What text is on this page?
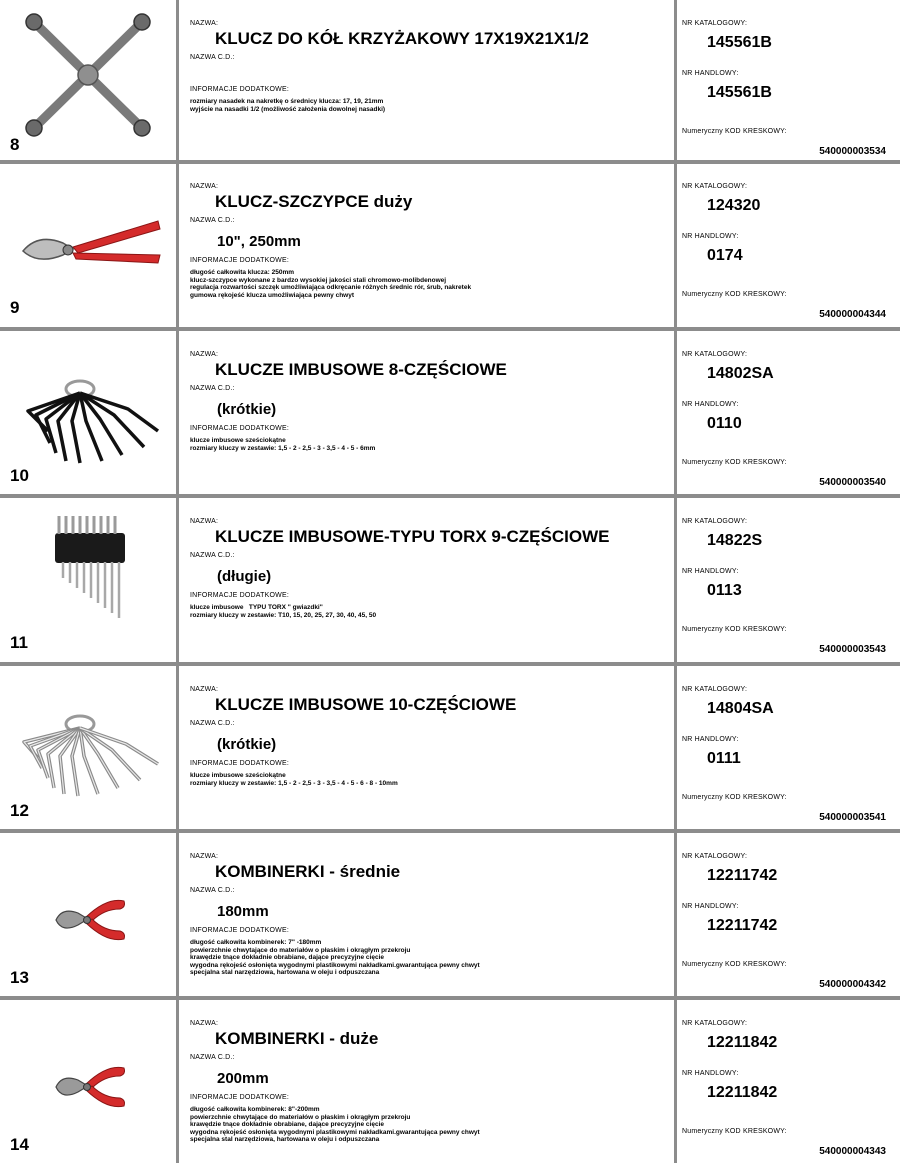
8
NAZWA:
KLUCZ DO KÓŁ KRZYŻAKOWY 17X19X21X1/2
NAZWA C.D.:
INFORMACJE DODATKOWE:
rozmiary nasadek na nakretkę o średnicy klucza: 17, 19, 21mm
wyjście na nasadki 1/2 (możliwość założenia dowolnej nasadki)
NR KATALOGOWY:
145561B
NR HANDLOWY:
145561B
Numeryczny KOD KRESKOWY:
540000003534
9
NAZWA:
KLUCZ-SZCZYPCE duży
NAZWA C.D.:
10", 250mm
INFORMACJE DODATKOWE:
długość całkowita klucza: 250mm
klucz-szczypce wykonane z bardzo wysokiej jakości stali chromowo-molibdenowej
regulacja rozwartości szczęk umożliwiająca odkręcanie różnych średnic rór, śrub, nakretek
gumowa rękojeść klucza umożliwiająca pewny chwyt
NR KATALOGOWY:
124320
NR HANDLOWY:
0174
Numeryczny KOD KRESKOWY:
540000004344
10
NAZWA:
KLUCZE IMBUSOWE 8-CZĘŚCIOWE
NAZWA C.D.:
(krótkie)
INFORMACJE DODATKOWE:
klucze imbusowe sześciokątne
rozmiary kluczy w zestawie: 1,5 - 2 - 2,5 - 3 - 3,5 - 4 - 5 - 6mm
NR KATALOGOWY:
14802SA
NR HANDLOWY:
0110
Numeryczny KOD KRESKOWY:
540000003540
11
NAZWA:
KLUCZE IMBUSOWE-TYPU TORX 9-CZĘŚCIOWE
NAZWA C.D.:
(długie)
INFORMACJE DODATKOWE:
klucze imbusowe   TYPU TORX " gwiazdki"
rozmiary kluczy w zestawie: T10, 15, 20, 25, 27, 30, 40, 45, 50
NR KATALOGOWY:
14822S
NR HANDLOWY:
0113
Numeryczny KOD KRESKOWY:
540000003543
12
NAZWA:
KLUCZE IMBUSOWE 10-CZĘŚCIOWE
NAZWA C.D.:
(krótkie)
INFORMACJE DODATKOWE:
klucze imbusowe sześciokątne
rozmiary kluczy w zestawie: 1,5 - 2 - 2,5 - 3 - 3,5 - 4 - 5 - 6 - 8 - 10mm
NR KATALOGOWY:
14804SA
NR HANDLOWY:
0111
Numeryczny KOD KRESKOWY:
540000003541
13
NAZWA:
KOMBINERKI - średnie
NAZWA C.D.:
180mm
INFORMACJE DODATKOWE:
długość całkowita kombinerek: 7" -180mm
powierzchnie chwytające do materiałów o płaskim i okrągłym przekroju
krawędzie tnące dokładnie obrabiane, dające precyzyjne cięcie
wygodna rękojeść osłonięta wygodnymi plastikowymi nakładkami.gwarantująca pewny chwyt
specjalna stal narzędziowa, hartowana w oleju i odpuszczana
NR KATALOGOWY:
12211742
NR HANDLOWY:
12211742
Numeryczny KOD KRESKOWY:
540000004342
14
NAZWA:
KOMBINERKI - duże
NAZWA C.D.:
200mm
INFORMACJE DODATKOWE:
długość całkowita kombinerek: 8"-200mm
powierzchnie chwytające do materiałów o płaskim i okrągłym przekroju
krawędzie tnące dokładnie obrabiane, dające precyzyjne cięcie
wygodna rękojeść osłonięta wygodnymi plastikowymi nakładkami.gwarantująca pewny chwyt
specjalna stal narzędziowa, hartowana w oleju i odpuszczana
NR KATALOGOWY:
12211842
NR HANDLOWY:
12211842
Numeryczny KOD KRESKOWY:
540000004343
